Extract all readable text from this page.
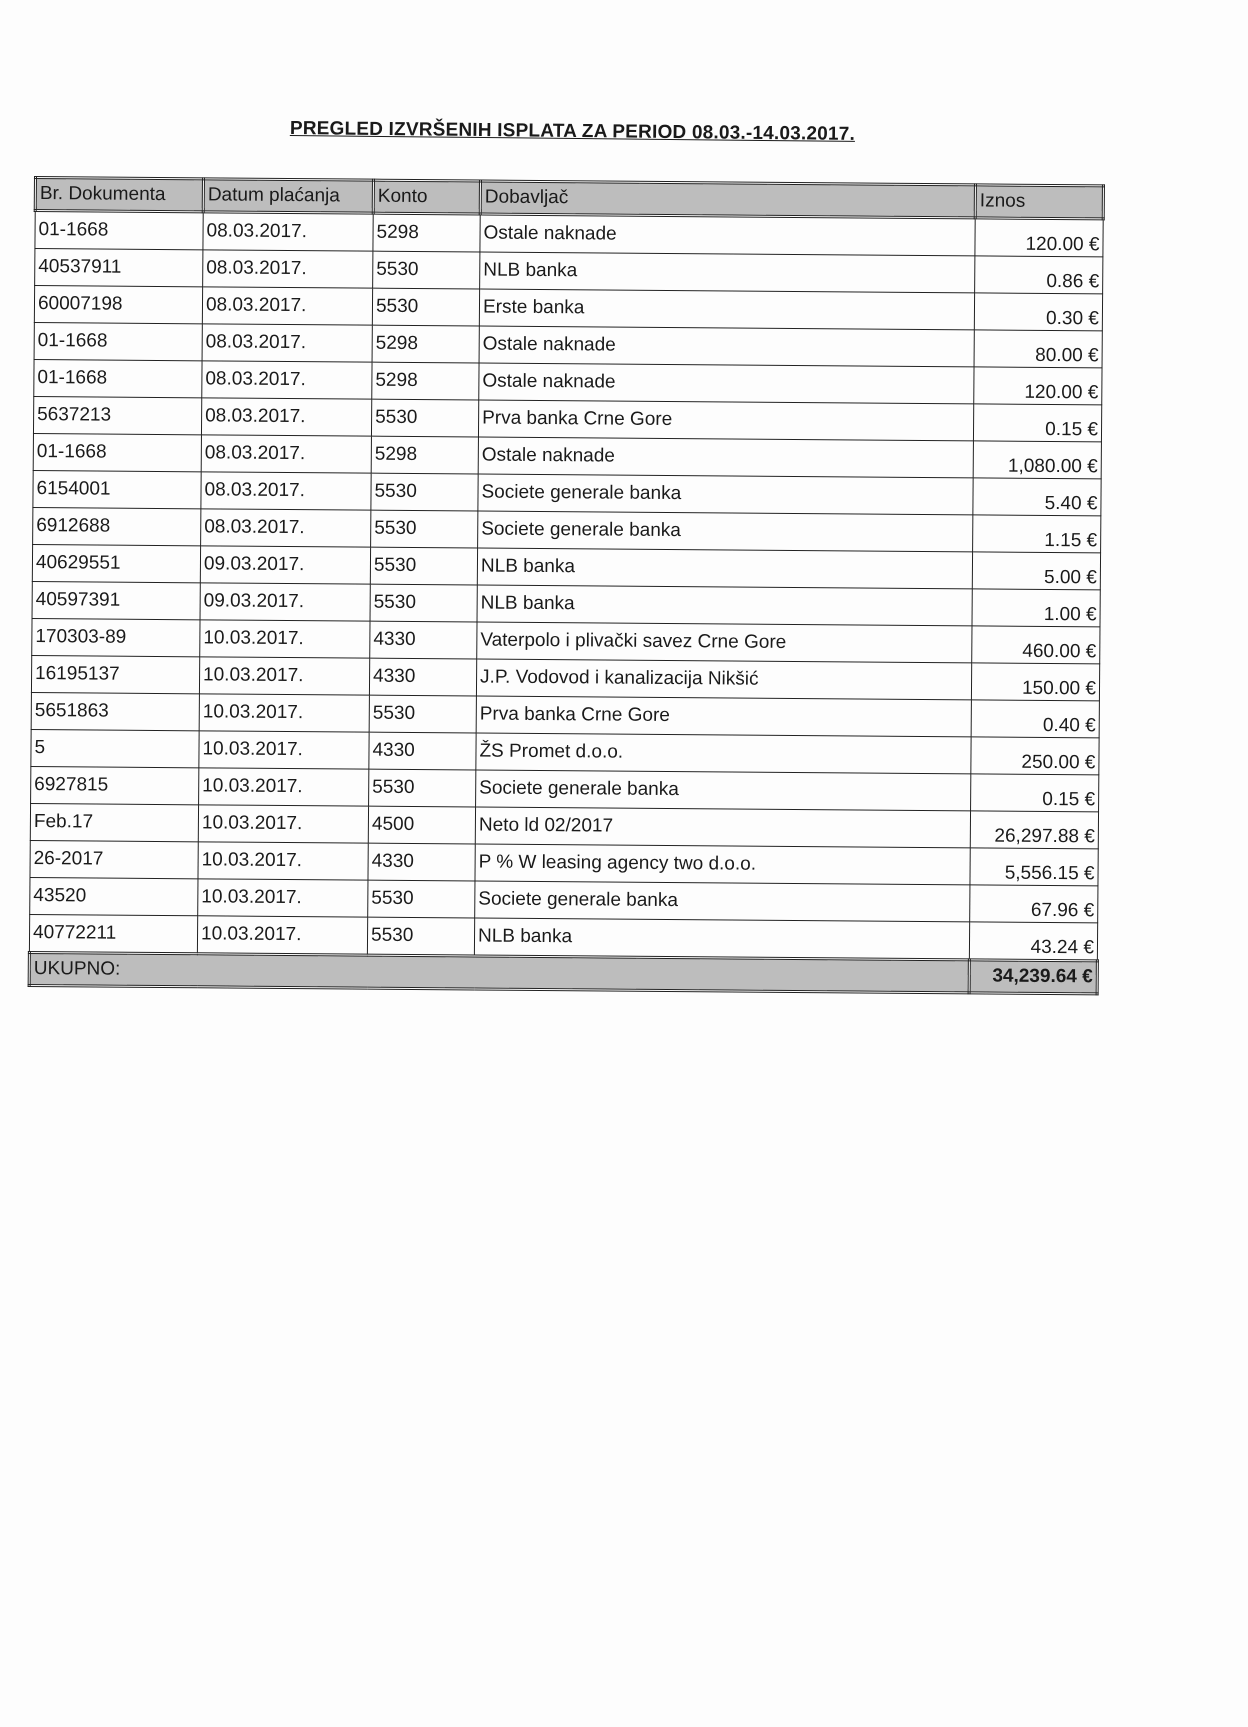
PREGLED IZVRŠENIH ISPLATA ZA PERIOD 08.03.-14.03.2017.
Br. Dokumenta	Datum plaćanja	Konto	Dobavljač	Iznos
01-1668	08.03.2017.	5298	Ostale naknade	120.00 €
40537911	08.03.2017.	5530	NLB banka	0.86 €
60007198	08.03.2017.	5530	Erste banka	0.30 €
01-1668	08.03.2017.	5298	Ostale naknade	80.00 €
01-1668	08.03.2017.	5298	Ostale naknade	120.00 €
5637213	08.03.2017.	5530	Prva banka Crne Gore	0.15 €
01-1668	08.03.2017.	5298	Ostale naknade	1,080.00 €
6154001	08.03.2017.	5530	Societe generale banka	5.40 €
6912688	08.03.2017.	5530	Societe generale banka	1.15 €
40629551	09.03.2017.	5530	NLB banka	5.00 €
40597391	09.03.2017.	5530	NLB banka	1.00 €
170303-89	10.03.2017.	4330	Vaterpolo i plivački savez Crne Gore	460.00 €
16195137	10.03.2017.	4330	J.P. Vodovod i kanalizacija Nikšić	150.00 €
5651863	10.03.2017.	5530	Prva banka Crne Gore	0.40 €
5	10.03.2017.	4330	ŽS Promet d.o.o.	250.00 €
6927815	10.03.2017.	5530	Societe generale banka	0.15 €
Feb.17	10.03.2017.	4500	Neto ld 02/2017	26,297.88 €
26-2017	10.03.2017.	4330	P % W leasing agency two d.o.o.	5,556.15 €
43520	10.03.2017.	5530	Societe generale banka	67.96 €
40772211	10.03.2017.	5530	NLB banka	43.24 €
UKUPNO:				34,239.64 €
